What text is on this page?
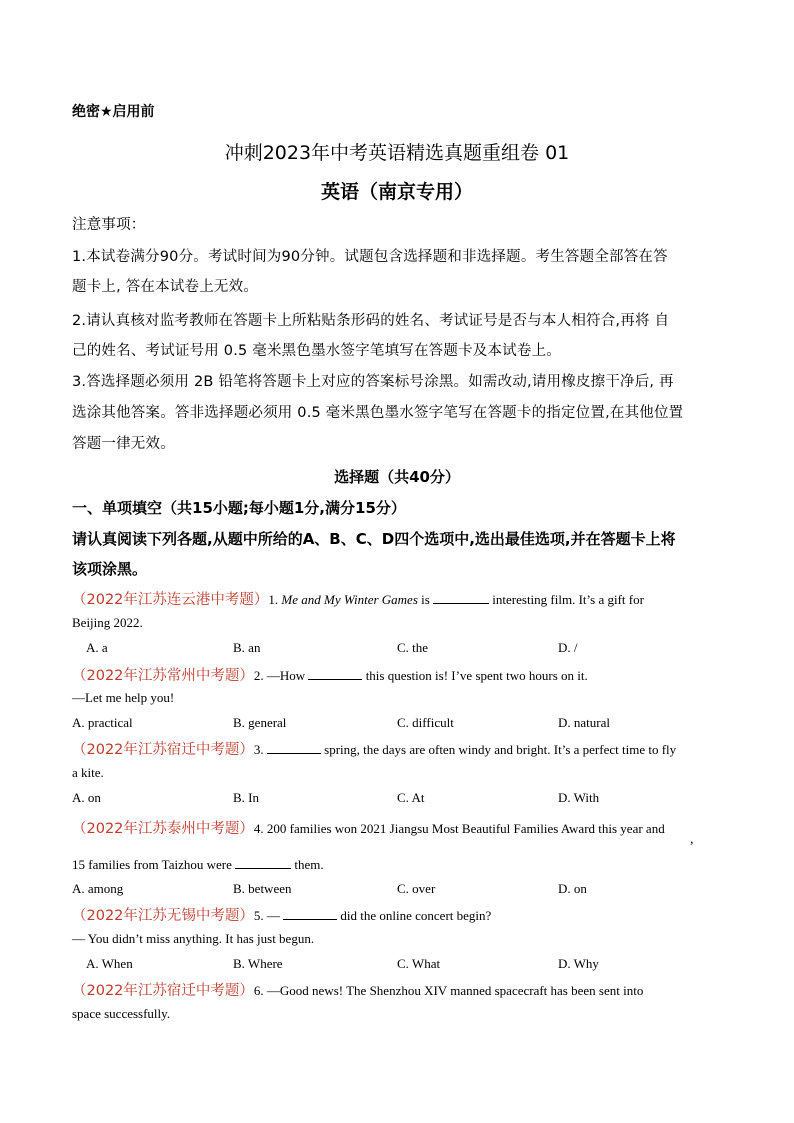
绝密★启用前
冲刺2023年中考英语精选真题重组卷 01
英语（南京专用）
注意事项：
1.本试卷满分90分。考试时间为90分钟。试题包含选择题和非选择题。考生答题全部答在答
题卡上, 答在本试卷上无效。
2.请认真核对监考教师在答题卡上所粘贴条形码的姓名、考试证号是否与本人相符合,再将 自
己的姓名、考试证号用 0.5 毫米黑色墨水签字笔填写在答题卡及本试卷上。
3.答选择题必须用 2B 铅笔将答题卡上对应的答案标号涂黑。如需改动,请用橡皮擦干净后, 再
选涂其他答案。答非选择题必须用 0.5 毫米黑色墨水签字笔写在答题卡的指定位置,在其他位置
答题一律无效。
选择题（共40分）
一、单项填空（共15小题;每小题1分,满分15分）
请认真阅读下列各题,从题中所给的A、B、C、D四个选项中,选出最佳选项,并在答题卡上将
该项涂黑。
（2022年江苏连云港中考题）1. Me and My Winter Games is	interesting film. It’s a gift for
Beijing 2022.
A. a	B. an	C. the	D. /
（2022年江苏常州中考题）2. —How	this question is! I’ve spent two hours on it.
—Let me help you!
A. practical	B. general	C. difficult	D. natural
（2022年江苏宿迁中考题）3.	spring, the days are often windy and bright. It’s a perfect time to fly
a kite.
A. on	B. In	C. At	D. With
（2022年江苏泰州中考题）4. 200 families won 2021 Jiangsu Most Beautiful Families Award this year and
,
15 families from Taizhou were	them.
A. among	B. between	C. over	D. on
（2022年江苏无锡中考题）5. —	did the online concert begin?
— You didn’t miss anything. It has just begun.
A. When	B. Where	C. What	D. Why
（2022年江苏宿迁中考题）6. —Good news! The Shenzhou XIV manned spacecraft has been sent into
space successfully.
